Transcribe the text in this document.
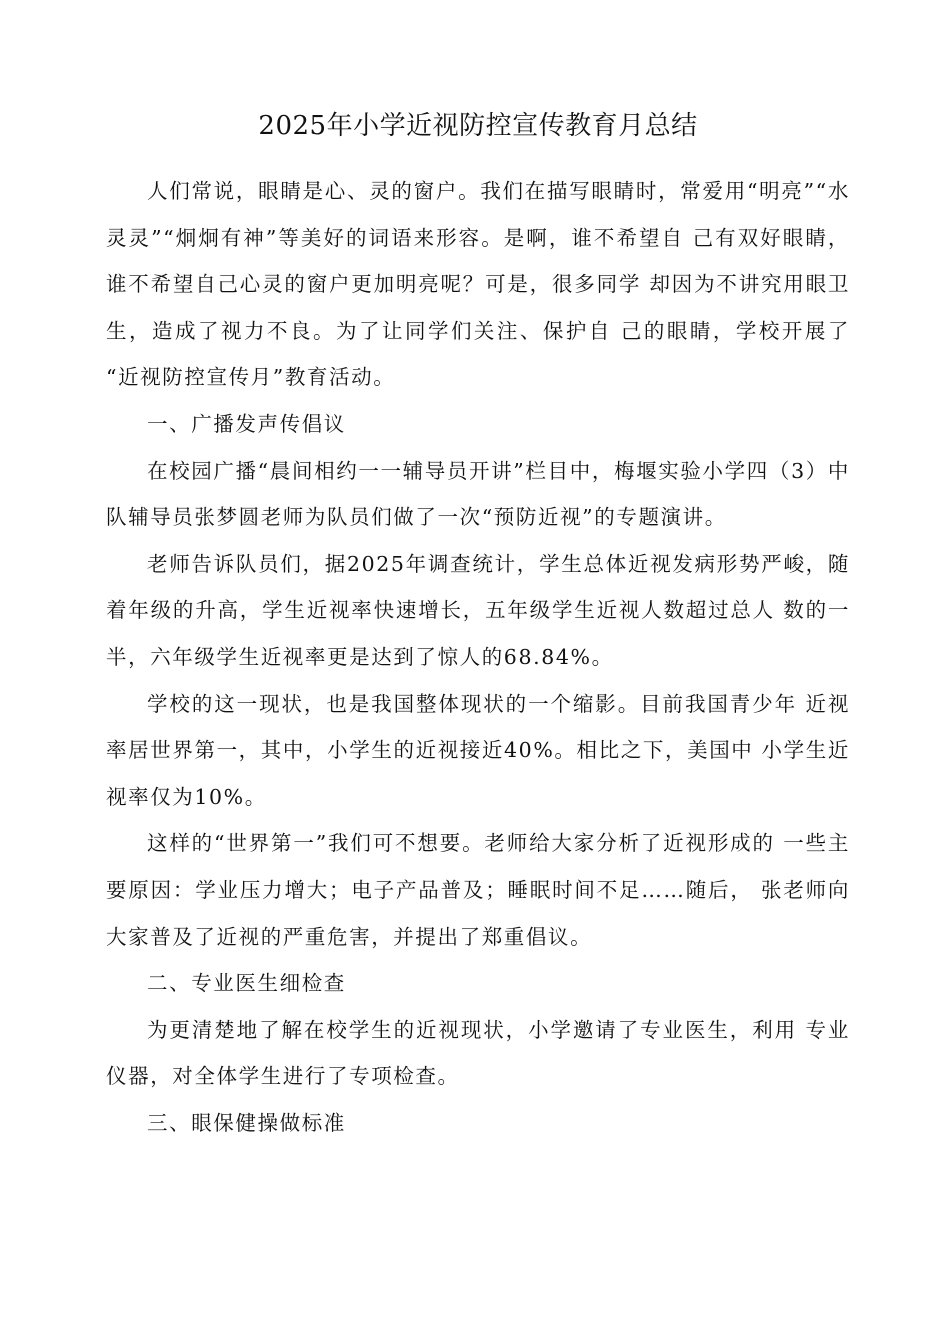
2025年小学近视防控宣传教育月总结

人们常说，眼睛是心、灵的窗户。我们在描写眼睛时，常爱用“明亮”“水灵灵”“炯炯有神”等美好的词语来形容。是啊，谁不希望自 己有双好眼睛，谁不希望自己心灵的窗户更加明亮呢？可是，很多同学 却因为不讲究用眼卫生，造成了视力不良。为了让同学们关注、保护自 己的眼睛，学校开展了 “近视防控宣传月”教育活动。

一、广播发声传倡议

在校园广播“晨间相约一一辅导员开讲”栏目中，梅堰实验小学四（3）中队辅导员张梦圆老师为队员们做了一次“预防近视”的专题演讲。

老师告诉队员们，据2025年调查统计，学生总体近视发病形势严峻，随着年级的升高，学生近视率快速增长，五年级学生近视人数超过总人 数的一半，六年级学生近视率更是达到了惊人的68.84%。

学校的这一现状，也是我国整体现状的一个缩影。目前我国青少年 近视率居世界第一，其中，小学生的近视接近40%。相比之下，美国中 小学生近视率仅为10%。

这样的“世界第一”我们可不想要。老师给大家分析了近视形成的 一些主要原因：学业压力增大；电子产品普及；睡眠时间不足……随后， 张老师向大家普及了近视的严重危害，并提出了郑重倡议。

二、专业医生细检查

为更清楚地了解在校学生的近视现状，小学邀请了专业医生，利用 专业仪器，对全体学生进行了专项检查。

三、眼保健操做标准
